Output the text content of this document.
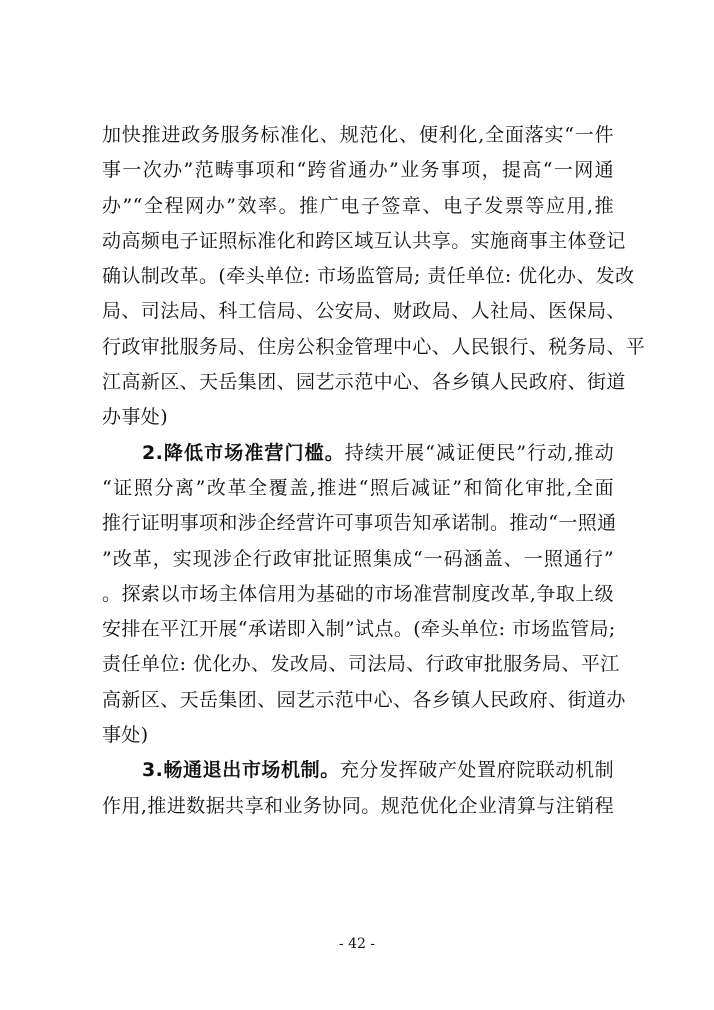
加快推进政务服务标准化、规范化、便利化,全面落实“一件
事一次办”范畴事项和“跨省通办”业务事项，提高“一网通
办”“全程网办”效率。推广电子签章、电子发票等应用,推
动高频电子证照标准化和跨区域互认共享。实施商事主体登记
确认制改革。(牵头单位: 市场监管局; 责任单位: 优化办、发改
局、司法局、科工信局、公安局、财政局、人社局、医保局、
行政审批服务局、住房公积金管理中心、人民银行、税务局、平
江高新区、天岳集团、园艺示范中心、各乡镇人民政府、街道
办事处)
2.降低市场准营门槛。持续开展“减证便民”行动,推动
“证照分离”改革全覆盖,推进“照后减证”和简化审批,全面
推行证明事项和涉企经营许可事项告知承诺制。推动“一照通
”改革，实现涉企行政审批证照集成“一码涵盖、一照通行”
。探索以市场主体信用为基础的市场准营制度改革,争取上级
安排在平江开展“承诺即入制”试点。(牵头单位: 市场监管局;
责任单位: 优化办、发改局、司法局、行政审批服务局、平江
高新区、天岳集团、园艺示范中心、各乡镇人民政府、街道办
事处)
3.畅通退出市场机制。充分发挥破产处置府院联动机制
作用,推进数据共享和业务协同。规范优化企业清算与注销程
- 42 -
